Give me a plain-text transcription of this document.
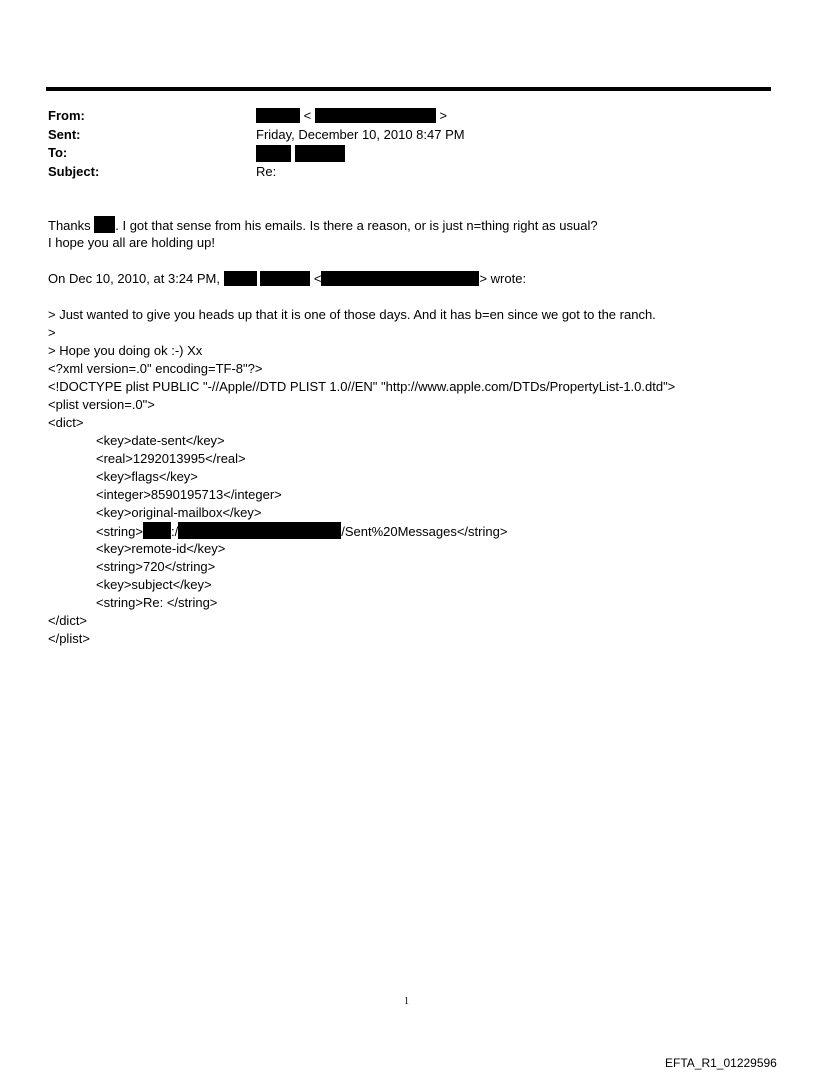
From:	<	>
Sent:	Friday, December 10, 2010 8:47 PM
To:

Subject:	Re:
Thanks . I got that sense from his emails. Is there a reason, or is just n=thing right as usual?
I hope you all are holding up!
On Dec 10, 2010, at 3:24 PM,	<	> wrote:
> Just wanted to give you heads up that it is one of those days. And it has b=en since we got to the ranch.
>
> Hope you doing ok :-) Xx
<?xml version=.0" encoding=TF-8"?>
<!DOCTYPE plist PUBLIC "-//Apple//DTD PLIST 1.0//EN" "http://www.apple.com/DTDs/PropertyList-1.0.dtd">
<plist version=.0">
<dict>
<key>date-sent</key>
<real>1292013995</real>
<key>flags</key>
<integer>8590195713</integer>
<key>original-mailbox</key>
<string> :/	/Sent%20Messages</string>
<key>remote-id</key>
<string>720</string>
<key>subject</key>
<string>Re: </string>
</dict>
</plist>
1
EFTA_R1_01229596
